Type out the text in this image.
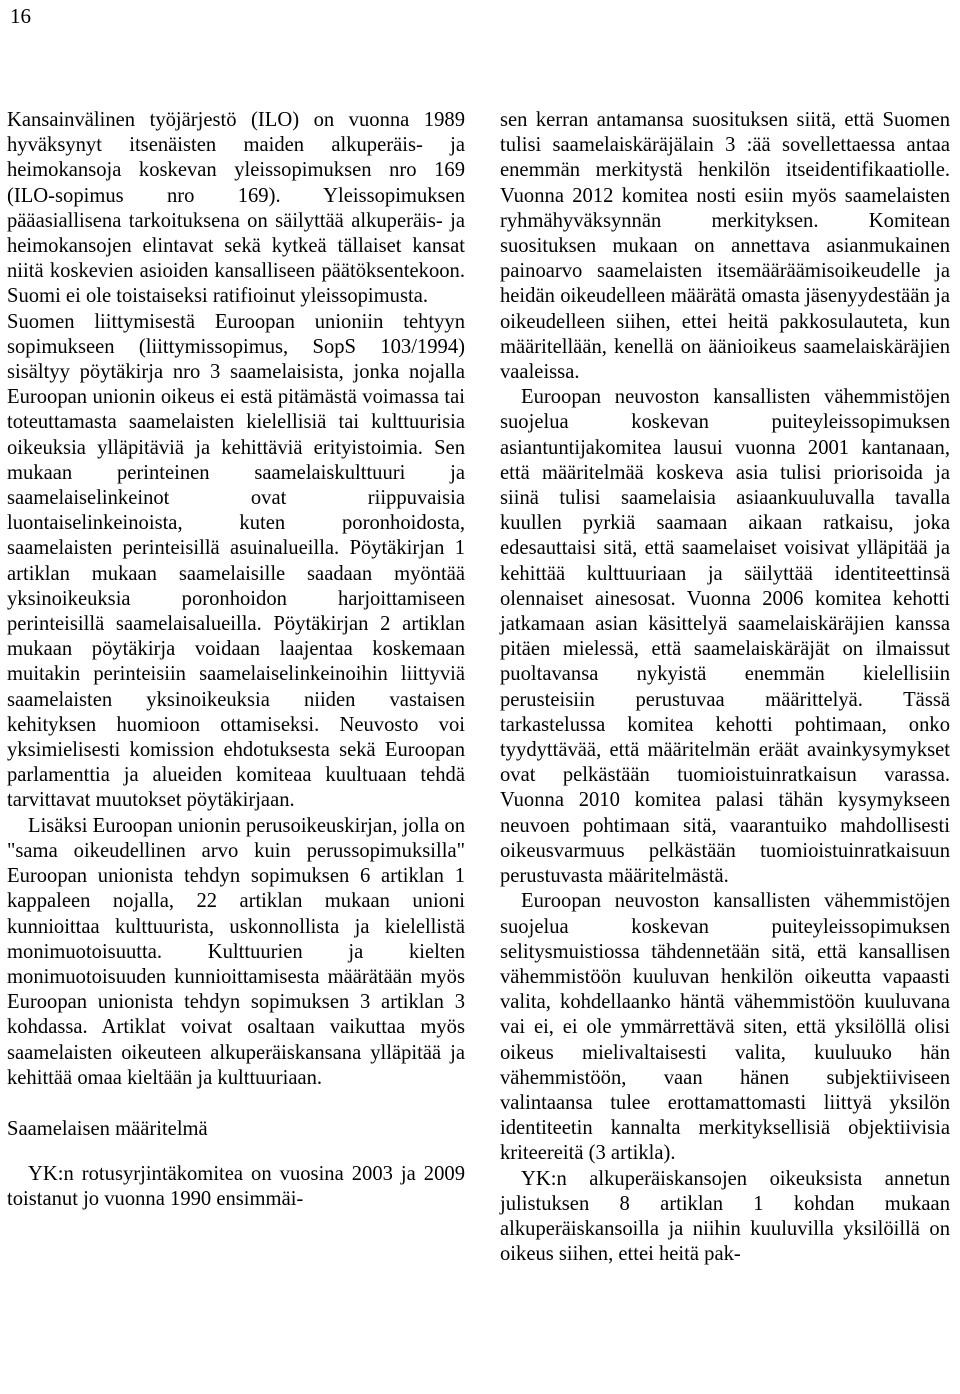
16

Kansainvälinen työjärjestö (ILO) on vuonna 1989 hyväksynyt itsenäisten maiden alkuperäis- ja heimokansoja koskevan yleissopimuksen nro 169 (ILO-sopimus nro 169). Yleissopimuksen pääasiallisena tarkoituksena on säilyttää alkuperäis- ja heimokansojen elintavat sekä kytkeä tällaiset kansat niitä koskevien asioiden kansalliseen päätöksentekoon. Suomi ei ole toistaiseksi ratifioinut yleissopimusta.

Suomen liittymisestä Euroopan unioniin tehtyyn sopimukseen (liittymissopimus, SopS 103/1994) sisältyy pöytäkirja nro 3 saamelaisista, jonka nojalla Euroopan unionin oikeus ei estä pitämästä voimassa tai toteuttamasta saamelaisten kielellisiä tai kulttuurisia oikeuksia ylläpitäviä ja kehittäviä erityistoimia. Sen mukaan perinteinen saamelaiskulttuuri ja saamelaiselinkeinot ovat riippuvaisia luontaiselinkeinoista, kuten poronhoidosta, saamelaisten perinteisillä asuinalueilla. Pöytäkirjan 1 artiklan mukaan saamelaisille saadaan myöntää yksinoikeuksia poronhoidon harjoittamiseen perinteisillä saamelaisalueilla. Pöytäkirjan 2 artiklan mukaan pöytäkirja voidaan laajentaa koskemaan muitakin perinteisiin saamelaiselinkeinoihin liittyviä saamelaisten yksinoikeuksia niiden vastaisen kehityksen huomioon ottamiseksi. Neuvosto voi yksimielisesti komission ehdotuksesta sekä Euroopan parlamenttia ja alueiden komiteaa kuultuaan tehdä tarvittavat muutokset pöytäkirjaan.

Lisäksi Euroopan unionin perusoikeuskirjan, jolla on "sama oikeudellinen arvo kuin perussopimuksilla" Euroopan unionista tehdyn sopimuksen 6 artiklan 1 kappaleen nojalla, 22 artiklan mukaan unioni kunnioittaa kulttuurista, uskonnollista ja kielellistä monimuotoisuutta. Kulttuurien ja kielten monimuotoisuuden kunnioittamisesta määrätään myös Euroopan unionista tehdyn sopimuksen 3 artiklan 3 kohdassa. Artiklat voivat osaltaan vaikuttaa myös saamelaisten oikeuteen alkuperäiskansana ylläpitää ja kehittää omaa kieltään ja kulttuuriaan.

Saamelaisen määritelmä

YK:n rotusyrjintäkomitea on vuosina 2003 ja 2009 toistanut jo vuonna 1990 ensimmäi-

sen kerran antamansa suosituksen siitä, että Suomen tulisi saamelaiskäräjälain 3 :ää sovellettaessa antaa enemmän merkitystä henkilön itseidentifikaatiolle. Vuonna 2012 komitea nosti esiin myös saamelaisten ryhmähyväksynnän merkityksen. Komitean suosituksen mukaan on annettava asianmukainen painoarvo saamelaisten itsemääräämisoikeudelle ja heidän oikeudelleen määrätä omasta jäsenyydestään ja oikeudelleen siihen, ettei heitä pakkosulauteta, kun määritellään, kenellä on äänioikeus saamelaiskäräjien vaaleissa.

Euroopan neuvoston kansallisten vähemmistöjen suojelua koskevan puiteyleissopimuksen asiantuntijakomitea lausui vuonna 2001 kantanaan, että määritelmää koskeva asia tulisi priorisoida ja siinä tulisi saamelaisia asiaankuuluvalla tavalla kuullen pyrkiä saamaan aikaan ratkaisu, joka edesauttaisi sitä, että saamelaiset voisivat ylläpitää ja kehittää kulttuuriaan ja säilyttää identiteettinsä olennaiset ainesosat. Vuonna 2006 komitea kehotti jatkamaan asian käsittelyä saamelaiskäräjien kanssa pitäen mielessä, että saamelaiskäräjät on ilmaissut puoltavansa nykyistä enemmän kielellisiin perusteisiin perustuvaa määrittelyä. Tässä tarkastelussa komitea kehotti pohtimaan, onko tyydyttävää, että määritelmän eräät avainkysymykset ovat pelkästään tuomioistuinratkaisun varassa. Vuonna 2010 komitea palasi tähän kysymykseen neuvoen pohtimaan sitä, vaarantuiko mahdollisesti oikeusvarmuus pelkästään tuomioistuinratkaisuun perustuvasta määritelmästä.

Euroopan neuvoston kansallisten vähemmistöjen suojelua koskevan puiteyleissopimuksen selitysmuistiossa tähdennetään sitä, että kansallisen vähemmistöön kuuluvan henkilön oikeutta vapaasti valita, kohdellaanko häntä vähemmistöön kuuluvana vai ei, ei ole ymmärrettävä siten, että yksilöllä olisi oikeus mielivaltaisesti valita, kuuluuko hän vähemmistöön, vaan hänen subjektiiviseen valintaansa tulee erottamattomasti liittyä yksilön identiteetin kannalta merkityksellisiä objektiivisia kriteereitä (3 artikla).

YK:n alkuperäiskansojen oikeuksista annetun julistuksen 8 artiklan 1 kohdan mukaan alkuperäiskansoilla ja niihin kuuluvilla yksilöillä on oikeus siihen, ettei heitä pak-
